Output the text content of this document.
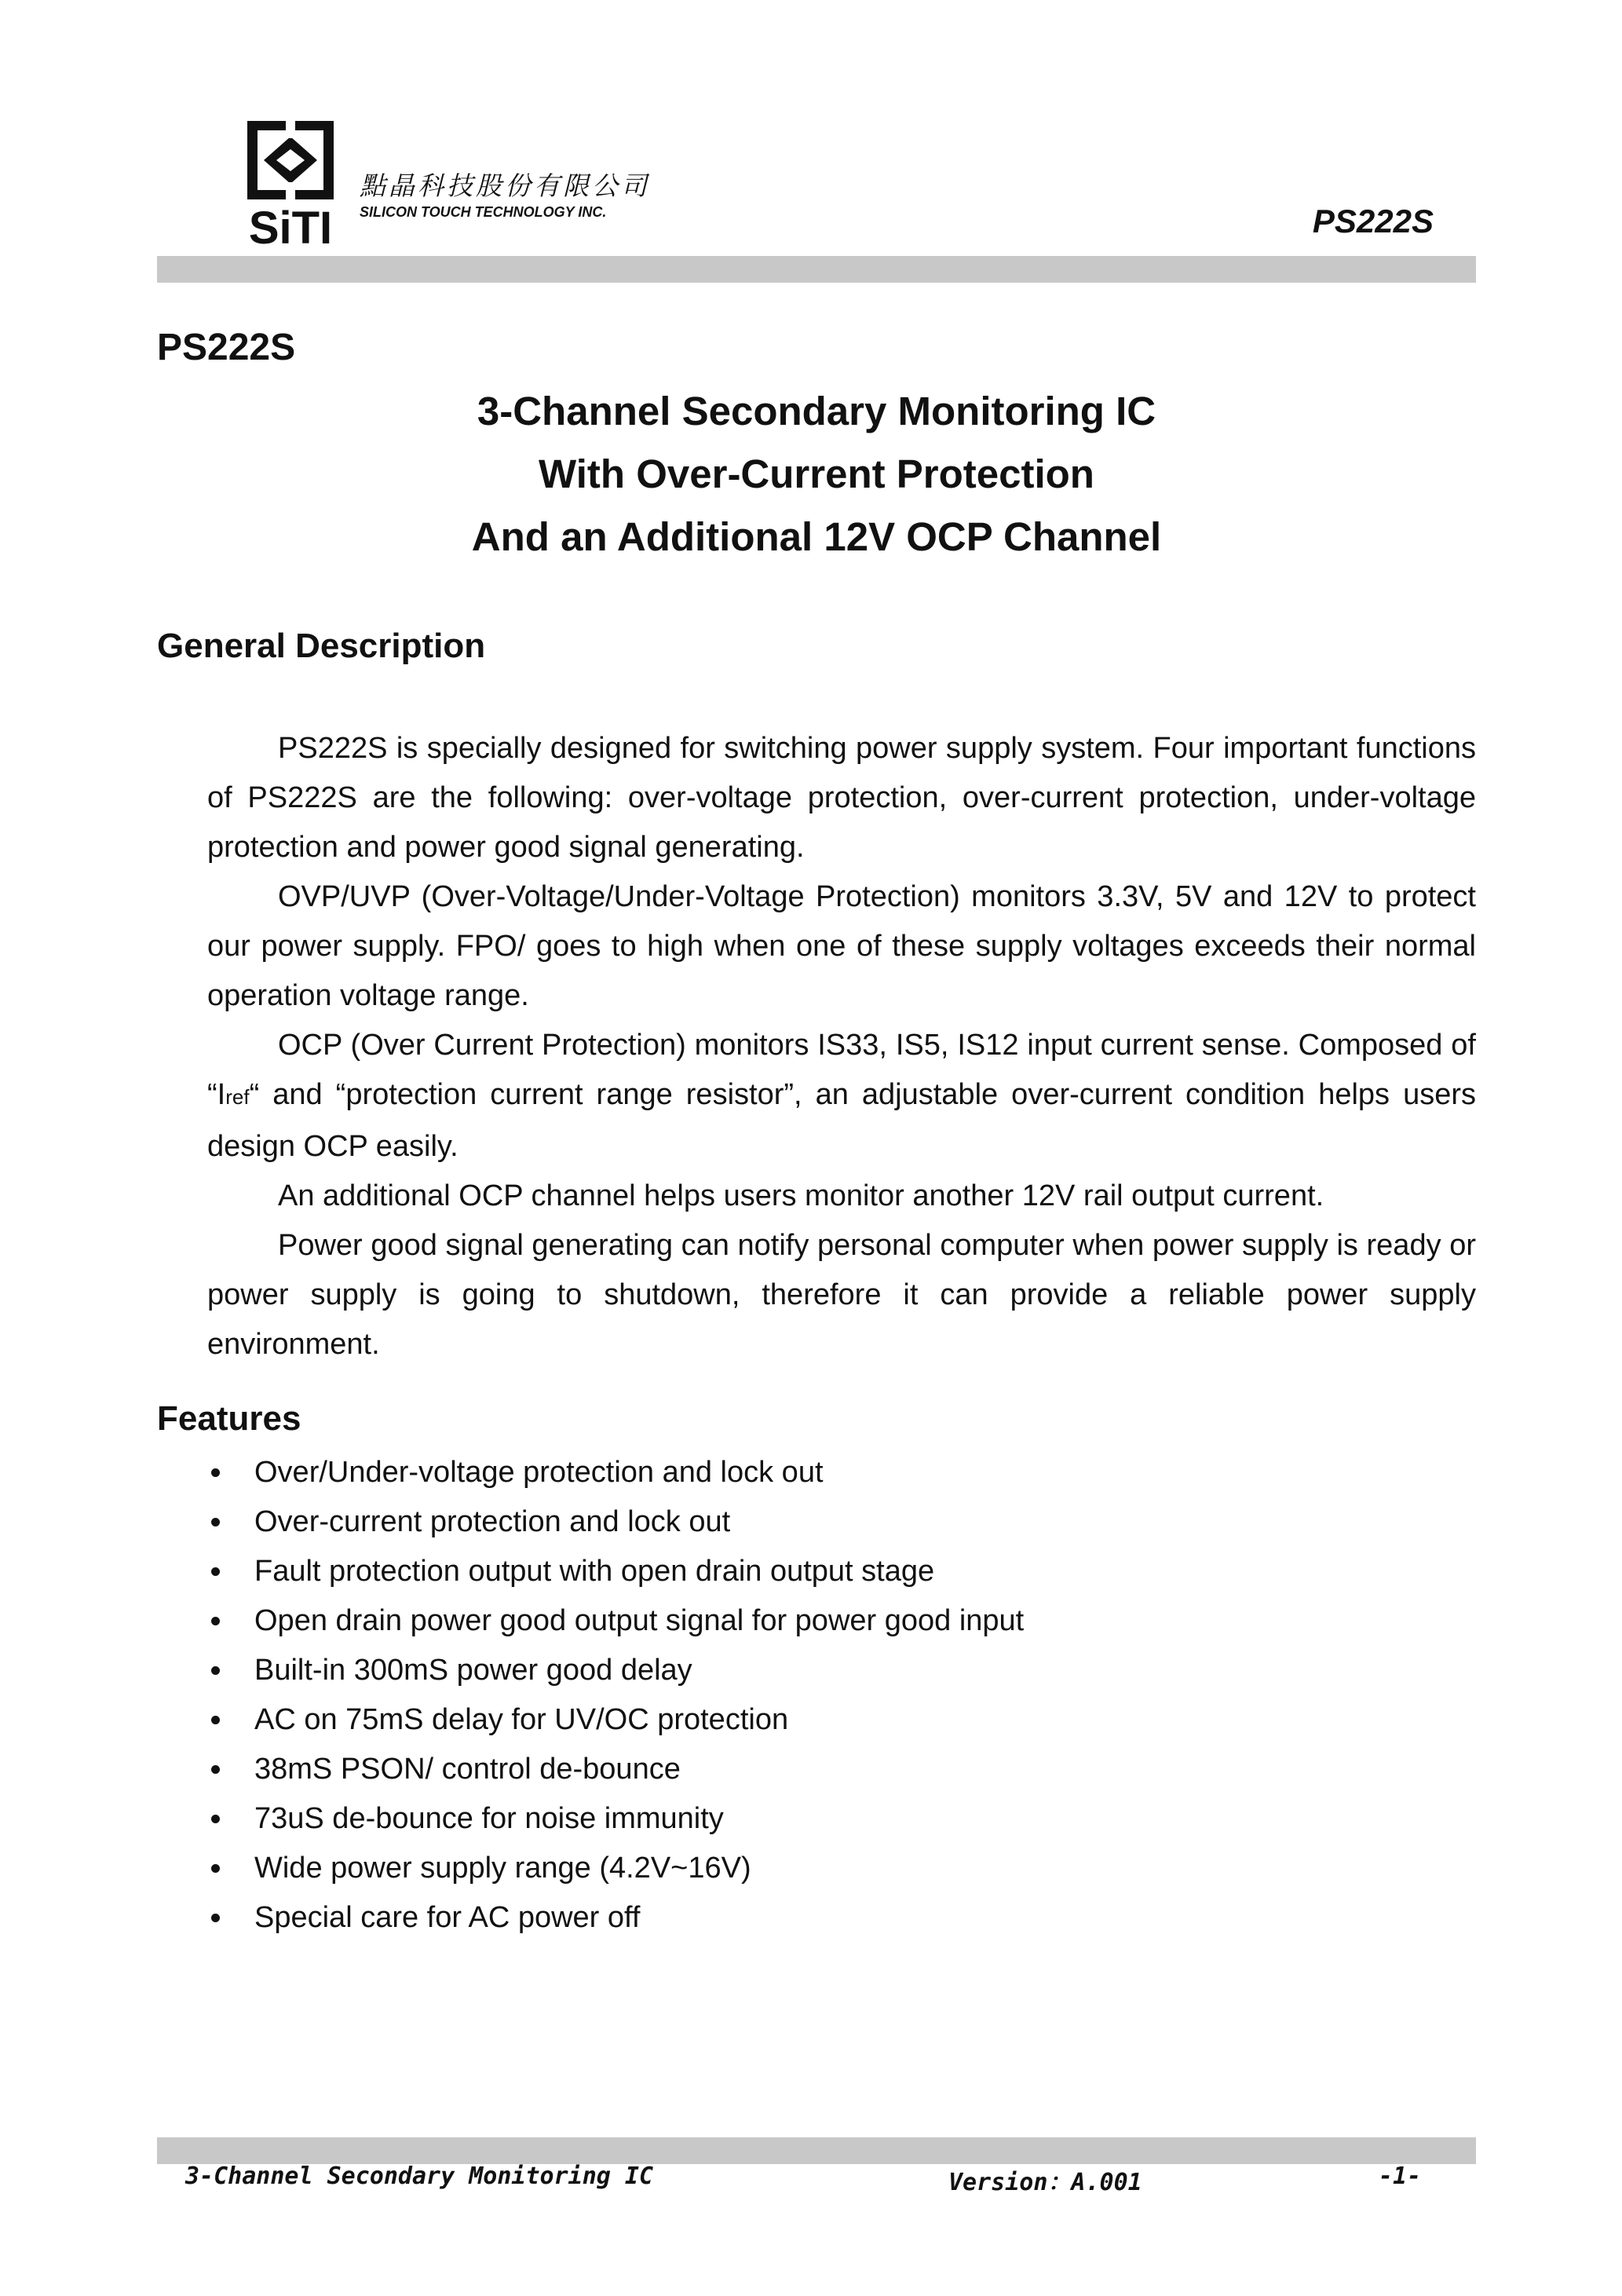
SiTI
點晶科技股份有限公司
SILICON TOUCH TECHNOLOGY INC.	PS222S
PS222S
3-Channel Secondary Monitoring IC
With Over-Current Protection
And an Additional 12V OCP Channel
General Description

PS222S is specially designed for switching power supply system. Four important functions of PS222S are the following: over-voltage protection, over-current protection, under-voltage protection and power good signal generating.

OVP/UVP (Over-Voltage/Under-Voltage Protection) monitors 3.3V, 5V and 12V to protect our power supply. FPO/ goes to high when one of these supply voltages exceeds their normal operation voltage range.

OCP (Over Current Protection) monitors IS33, IS5, IS12 input current sense. Composed of “Iref“ and “protection current range resistor”, an adjustable over-current condition helps users design OCP easily.

An additional OCP channel helps users monitor another 12V rail output current.

Power good signal generating can notify personal computer when power supply is ready or power supply is going to shutdown, therefore it can provide a reliable power supply environment.

Features
Over/Under-voltage protection and lock out
Over-current protection and lock out
Fault protection output with open drain output stage
Open drain power good output signal for power good input
Built-in 300mS power good delay
AC on 75mS delay for UV/OC protection
38mS PSON/ control de-bounce
73uS de-bounce for noise immunity
Wide power supply range (4.2V~16V)
Special care for AC power off
3-Channel Secondary Monitoring IC	Version：A.001	-1-
